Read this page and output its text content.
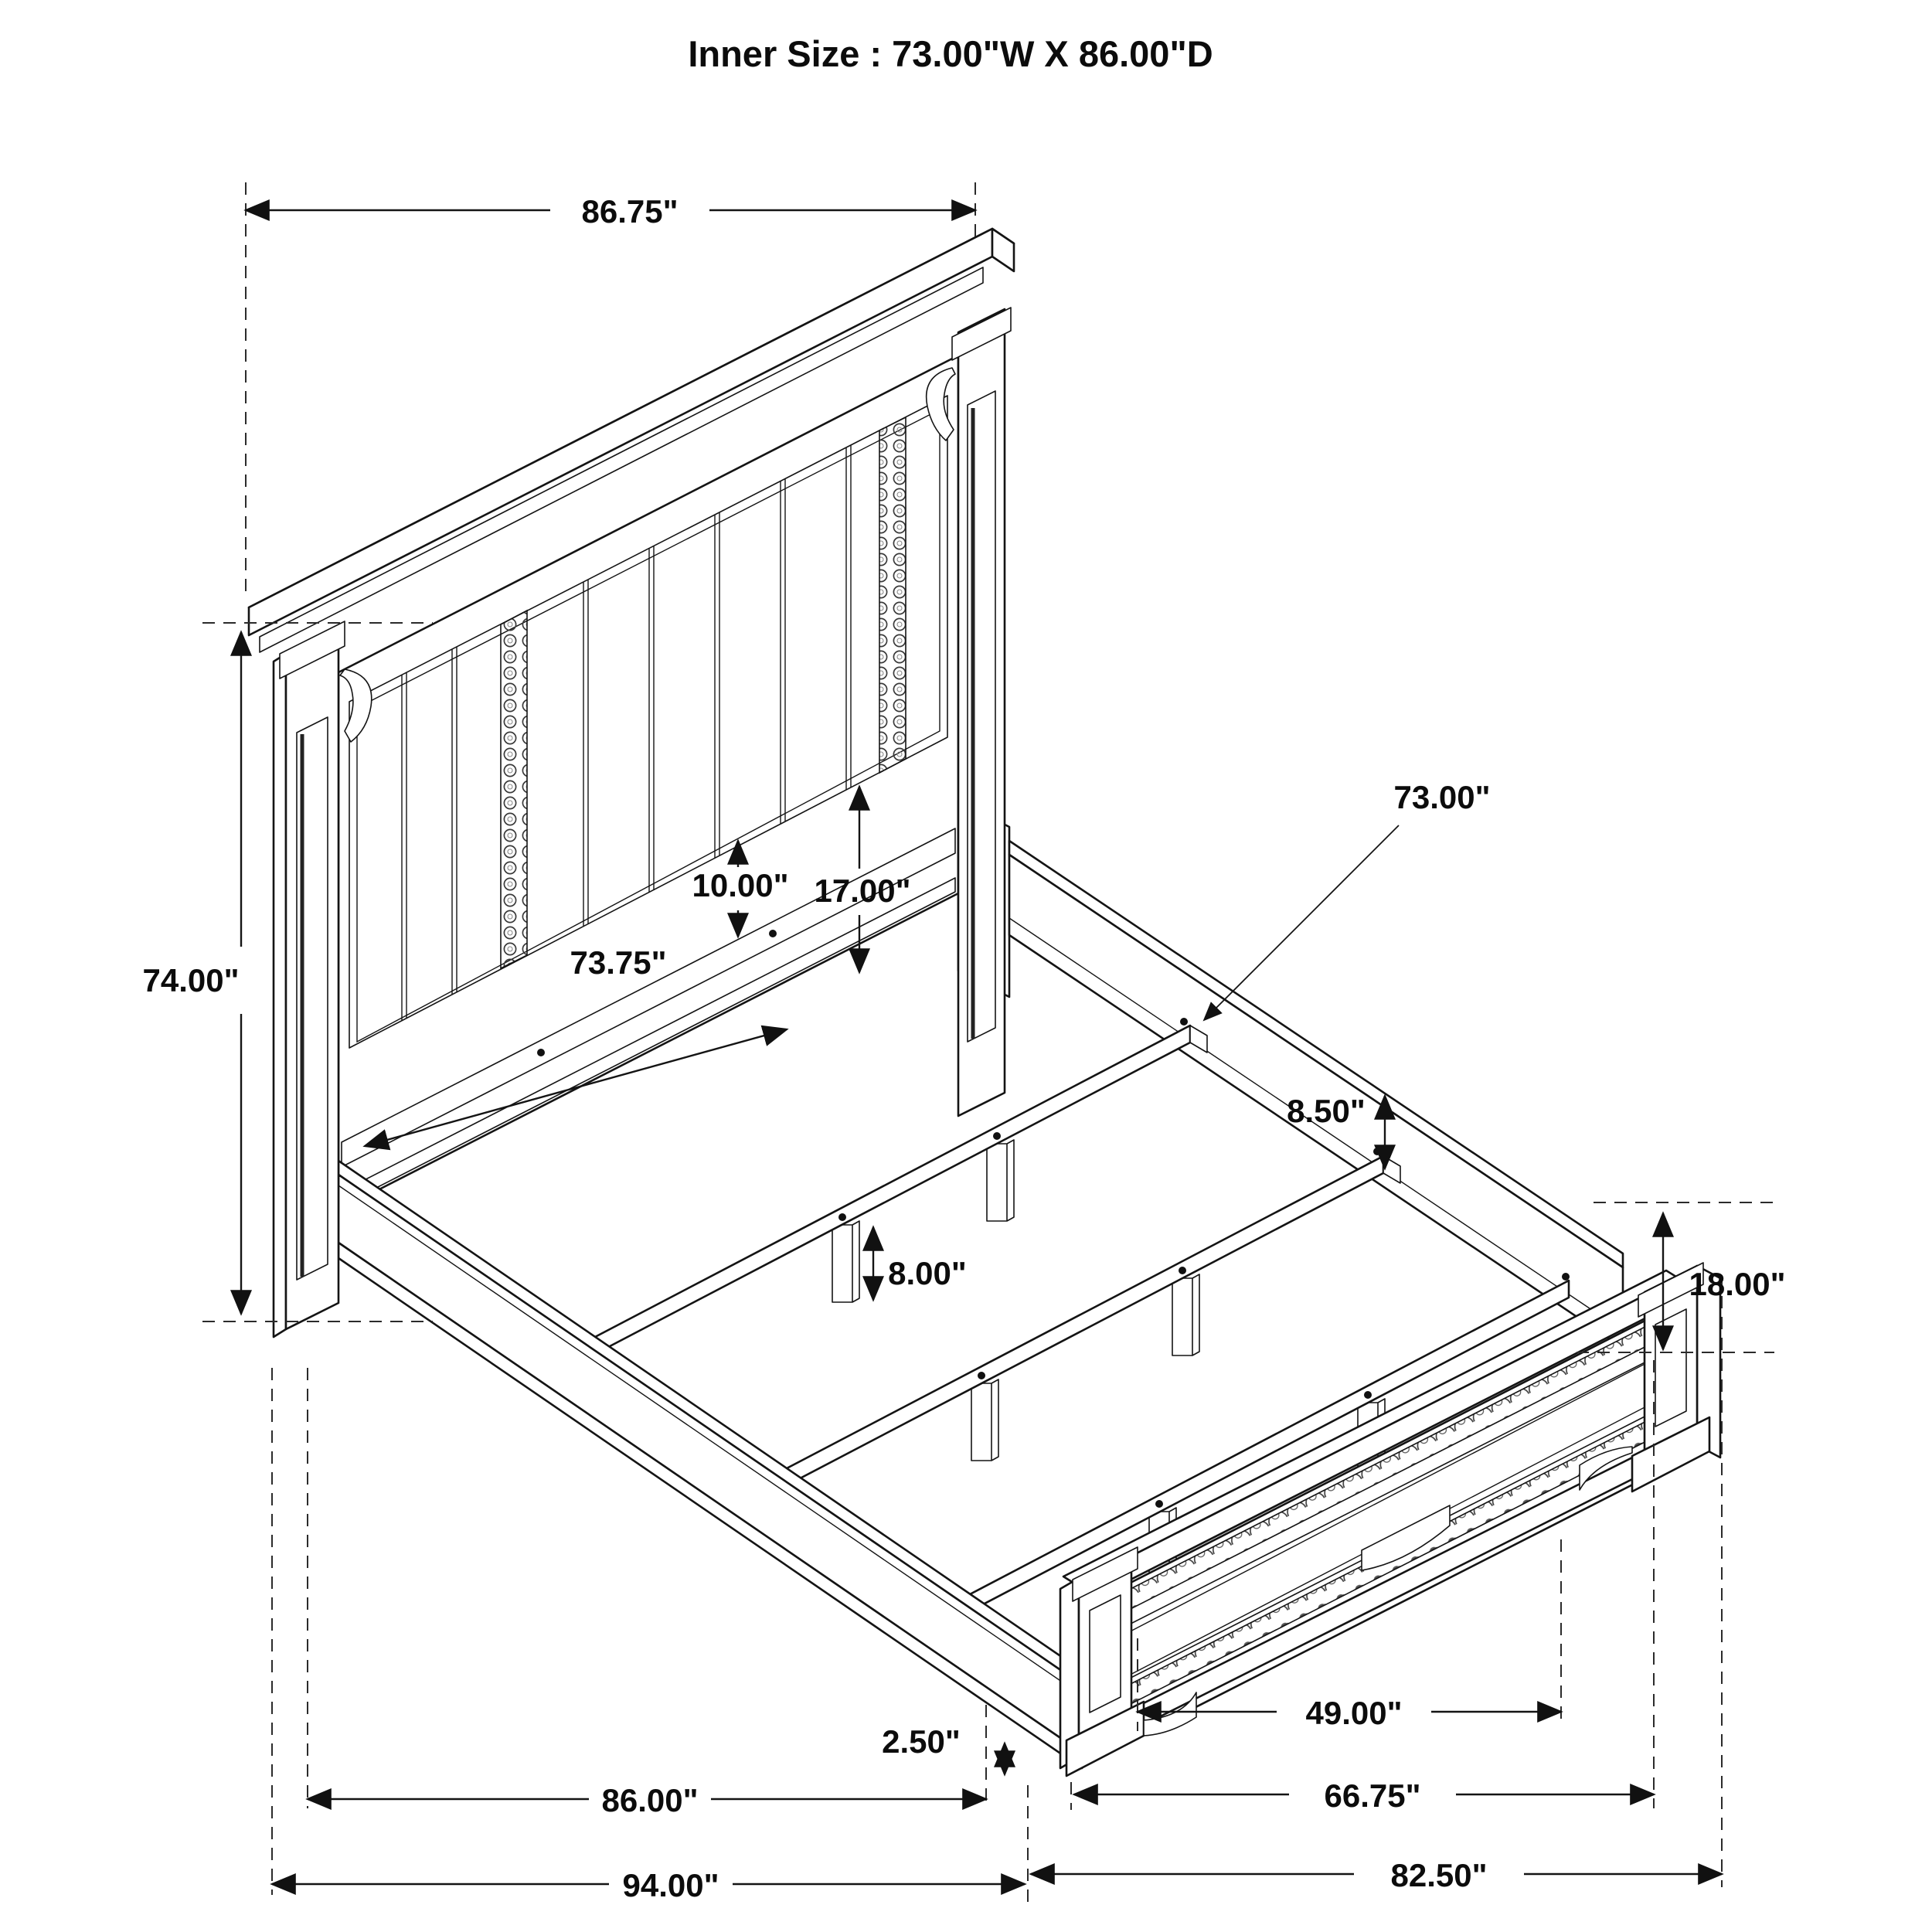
86.75"
74.00"
10.00" 17.00"
73.75"
73.00"
8.50"
8.00"	18.00"
2.50"
86.00"
94.00"
49.00"
66.75"
82.50"
Inner Size : 73.00"W X 86.00"D
